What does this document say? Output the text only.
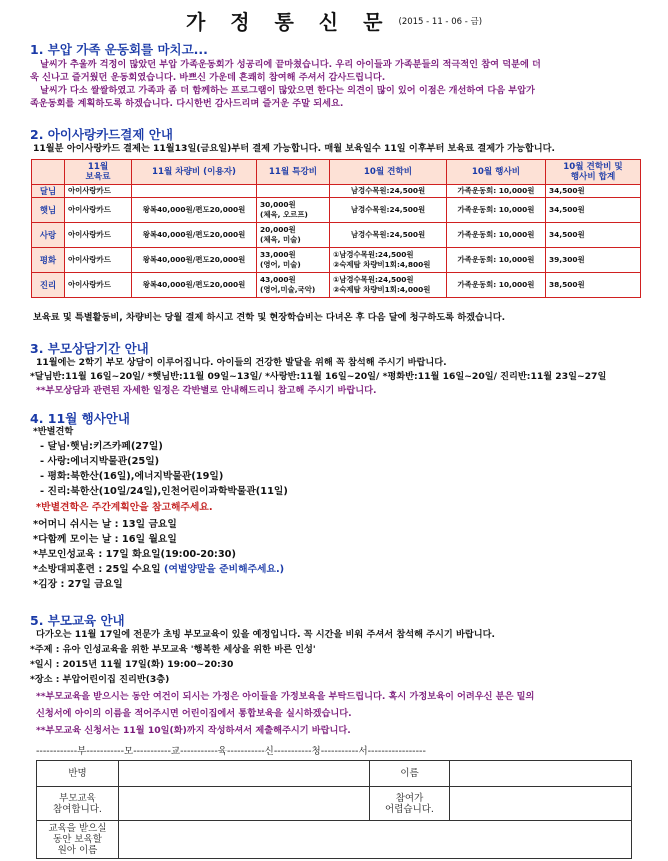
가 정 통 신 문 (2015 - 11 - 06 - 금)
1. 부압 가족 운동회를 마치고...
날씨가 추울까 걱정이 많았던 부압 가족운동회가 성공리에 끝마쳤습니다. 우리 아이들과 가족분들의 적극적인 참여 덕분에 더
욱 신나고 즐거웠던 운동회였습니다. 바쁘신 가운데 흔쾌히 참여해 주셔서 감사드립니다.
날씨가 다소 쌀쌀하였고 가족과 좀 더 함께하는 프로그램이 많았으면 한다는 의견이 많이 있어 이점은 개선하여 다음 부압가
족운동회를 계획하도록 하겠습니다. 다시한번 감사드리며 즐거운 주말 되세요.
2. 아이사랑카드결제 안내
11월분 아이사랑카드 결제는 11월13일(금요일)부터 결제 가능합니다. 매월 보육일수 11일 이후부터 보육료 결제가 가능합니다.
	11월
보육료	11월 차량비 (이용자)	11월 특강비	10월 견학비	10월 행사비	10월 견학비 및
행사비 합계
달님	아이사랑카드			남경수목원:24,500원	가족운동회: 10,000원	34,500원
햇님	아이사랑카드	왕복40,000원/편도20,000원	30,000원
(체육, 오르프)	남경수목원:24,500원	가족운동회: 10,000원	34,500원
사랑	아이사랑카드	왕복40,000원/편도20,000원	20,000원
(체육, 미술)	남경수목원:24,500원	가족운동회: 10,000원	34,500원
평화	아이사랑카드	왕복40,000원/편도20,000원	33,000원
(영어, 미술)	①남경수목원:24,500원
②숙제탐 차량비1회:4,800원	가족운동회: 10,000원	39,300원
진리	아이사랑카드	왕복40,000원/편도20,000원	43,000원
(영어,미술,국악)	①남경수목원:24,500원
②숙제탐 차량비1회:4,000원	가족운동회: 10,000원	38,500원
보육료 및 특별활동비, 차량비는 당월 결제 하시고 견학 및 현장학습비는 다녀온 후 다음 달에 청구하도록 하겠습니다.
3. 부모상담기간 안내
11월에는 2학기 부모 상담이 이루어집니다. 아이들의 건강한 발달을 위해 꼭 참석해 주시기 바랍니다.
*달님반:11월 16일~20일/ *햇님반:11월 09일~13일/ *사랑반:11월 16일~20일/ *평화반:11월 16일~20일/ 진리반:11월 23일~27일
**부모상담과 관련된 자세한 일정은 각반별로 안내해드리니 참고해 주시기 바랍니다.
4. 11월 행사안내
*반별견학
- 달님·햇님:키즈카페(27일)
- 사랑:에너지박물관(25일)
- 평화:북한산(16일),에너지박물관(19일)
- 진리:북한산(10일/24일),인천어린이과학박물관(11일)
*반별견학은 주간계획안을 참고해주세요.
*어머니 쉬시는 날 : 13일 금요일
*다함께 모이는 날 : 16일 월요일
*부모인성교육 : 17일 화요일(19:00-20:30)
*소방대피훈련 : 25일 수요일 (여벌양말을 준비해주세요.)
*김장 : 27일 금요일
5. 부모교육 안내
다가오는 11월 17일에 전문가 초빙 부모교육이 있을 예정입니다. 꼭 시간을 비워 주셔서 참석해 주시기 바랍니다.
*주제 : 유아 인성교육을 위한 부모교육 '행복한 세상을 위한 바른 인성'
*일시 : 2015년 11월 17일(화) 19:00~20:30
*장소 : 부압어린이집 진리반(3층)
**부모교육을 받으시는 동안 여건이 되시는 가정은 아이들을 가정보육을 부탁드립니다. 혹시 가정보육이 어려우신 분은 밑의
신청서에 아이의 이름을 적어주시면 어린이집에서 통합보육을 실시하겠습니다.
**부모교육 신청서는 11월 10일(화)까지 작성하셔서 제출해주시기 바랍니다.
------------부-----------모-----------교-----------육-----------신-----------청-----------서-----------------
반명		이름	
부모교육
참여합니다.		참여가
어렵습니다.	
교육을 받으실
동안 보육할
원아 이름			
